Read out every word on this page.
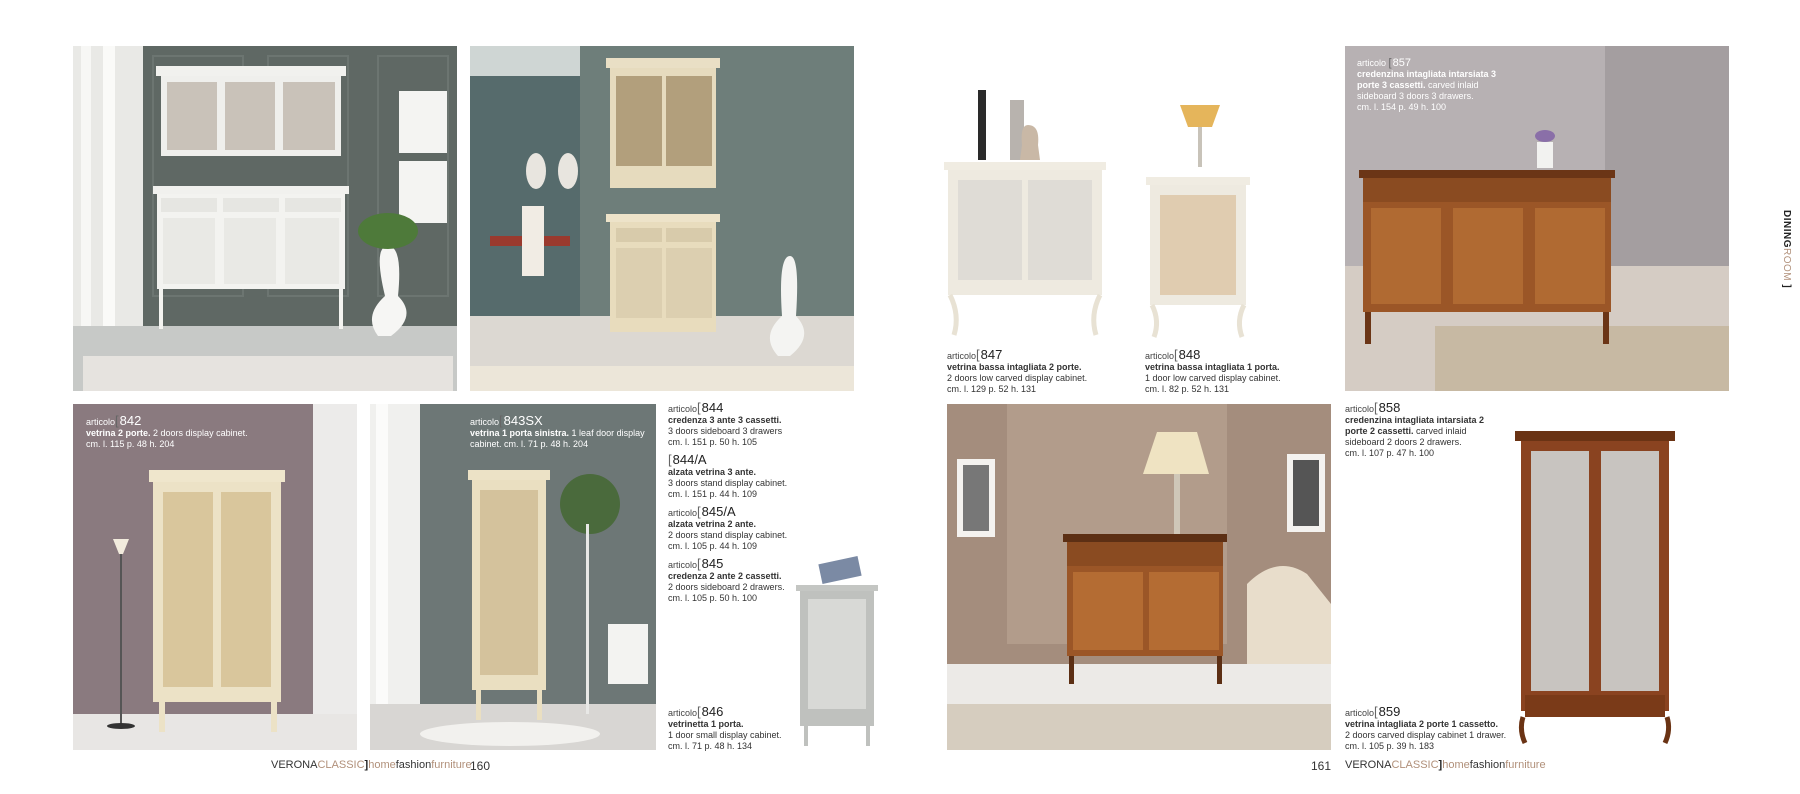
articolo [ 842
vetrina 2 porte. 2 doors display cabinet.
cm. l. 115 p. 48 h. 204
articolo [ 843SX
vetrina 1 porta sinistra. 1 leaf door display cabinet. cm. l. 71 p. 48 h. 204
articolo [ 844
credenza 3 ante 3 cassetti.
3 doors sideboard 3 drawers
cm. l. 151 p. 50 h. 105
[ 844/A
alzata vetrina 3 ante.
3 doors stand display cabinet.
cm. l. 151 p. 44 h. 109
articolo [ 845/A
alzata vetrina 2 ante.
2 doors stand display cabinet.
cm. l. 105 p. 44 h. 109
articolo [ 845
credenza 2 ante 2 cassetti.
2 doors sideboard 2 drawers.
cm. l. 105 p. 50 h. 100
articolo [ 846
vetrinetta 1 porta.
1 door small display cabinet.
cm. l. 71 p. 48 h. 134
articolo [ 847
vetrina bassa intagliata 2 porte.
2 doors low carved display cabinet.
cm. l. 129 p. 52 h. 131
articolo [ 848
vetrina bassa intagliata 1 porta.
1 door low carved display cabinet.
cm. l. 82 p. 52 h. 131
articolo [ 857
credenzina intagliata intarsiata 3 porte 3 cassetti. carved inlaid sideboard 3 doors 3 drawers.
cm. l. 154 p. 49 h. 100
articolo [ 858
credenzina intagliata intarsiata 2 porte 2 cassetti. carved inlaid sideboard 2 doors 2 drawers.
cm. l. 107 p. 47 h. 100
articolo [ 859
vetrina intagliata 2 porte 1 cassetto.
2 doors carved display cabinet 1 drawer.
cm. l. 105 p. 39 h. 183
VERONACLASSIC]homefashionfurniture
160	161 VERONACLASSIC]homefashionfurniture
DININGROOM ]
